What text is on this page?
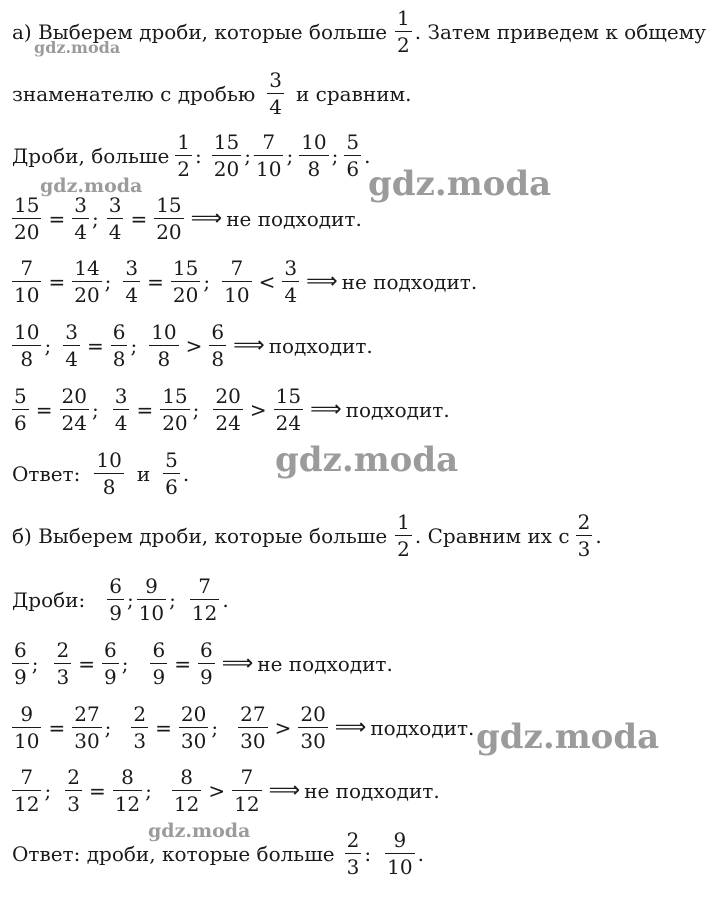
gdz.moda
gdz.moda	gdz.moda
gdz.moda
gdz.moda
gdz.moda
а) Выберем дроби, которые больше $\frac{1}{2}$ . Затем приведем к общему
знаменателю с дробью $\frac{3}{4}$ и сравним.
Дроби, больше $\frac{1}{2}$ : $\frac{15}{20}$ ; $\frac{7}{10}$ ; $\frac{10}{8}$ ; $\frac{5}{6}$ .
$\frac{15}{20} = \frac{3}{4}$ ; $\frac{3}{4} = \frac{15}{20}$ ⟹ не подходит.
$\frac{7}{10} = \frac{14}{20}$ ; $\frac{3}{4} = \frac{15}{20}$ ; $\frac{7}{10} < \frac{3}{4}$ ⟹ не подходит.
$\frac{10}{8}$ ; $\frac{3}{4} = \frac{6}{8}$ ; $\frac{10}{8} > \frac{6}{8}$ ⟹ подходит.
$\frac{5}{6} = \frac{20}{24}$ ; $\frac{3}{4} = \frac{15}{20}$ ; $\frac{20}{24} > \frac{15}{24}$ ⟹ подходит.
Ответ: $\frac{10}{8}$ и $\frac{5}{6}$ .
б) Выберем дроби, которые больше $\frac{1}{2}$ . Сравним их с $\frac{2}{3}$ .
Дроби: $\frac{6}{9}$ ; $\frac{9}{10}$ ; $\frac{7}{12}$ .
$\frac{6}{9}$ ; $\frac{2}{3} = \frac{6}{9}$ ; $\frac{6}{9} = \frac{6}{9}$ ⟹ не подходит.
$\frac{9}{10} = \frac{27}{30}$ ; $\frac{2}{3} = \frac{20}{30}$ ; $\frac{27}{30} > \frac{20}{30}$ ⟹ подходит.
$\frac{7}{12}$ ; $\frac{2}{3} = \frac{8}{12}$ ; $\frac{8}{12} > \frac{7}{12}$ ⟹ не подходит.
Ответ: дроби, которые больше $\frac{2}{3}$ : $\frac{9}{10}$ .
